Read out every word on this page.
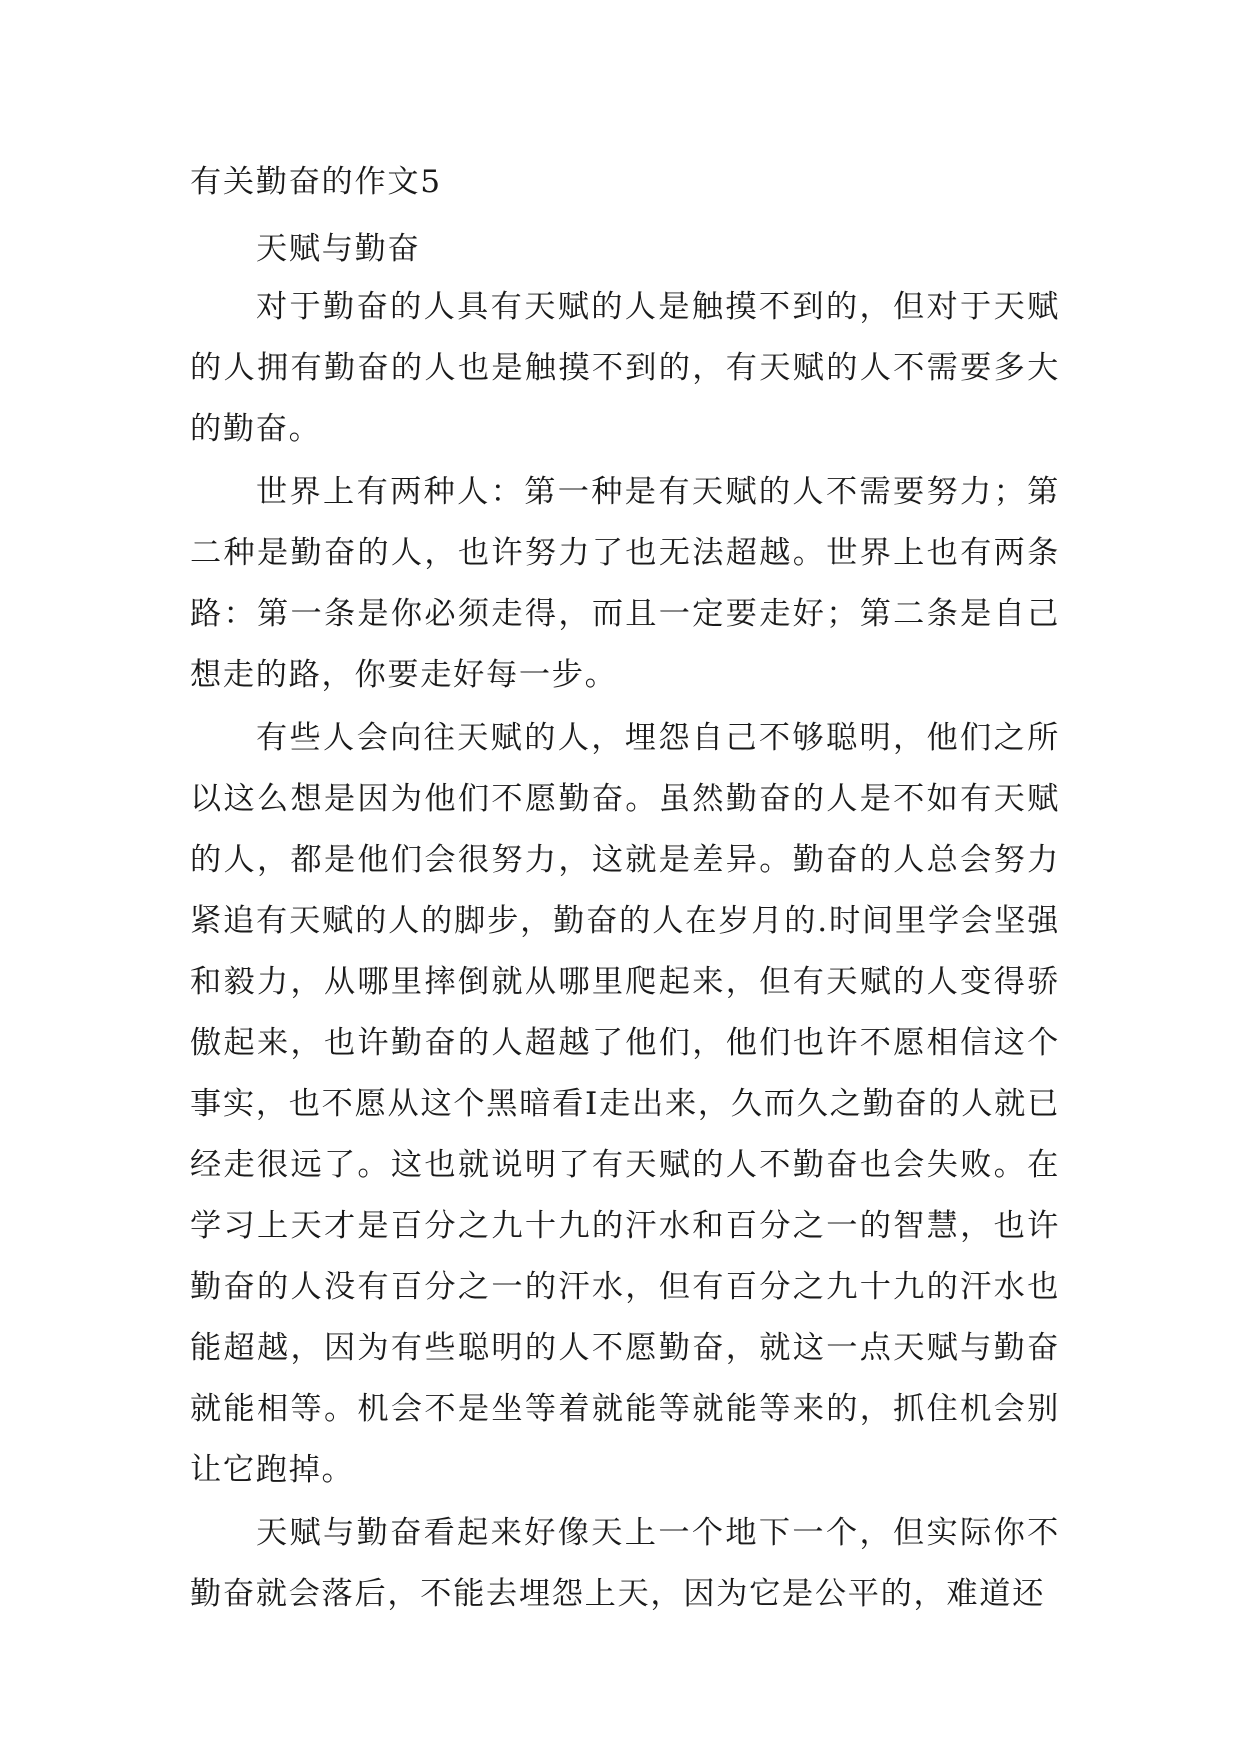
有关勤奋的作文5
天赋与勤奋

对于勤奋的人具有天赋的人是触摸不到的，但对于天赋的人拥有勤奋的人也是触摸不到的，有天赋的人不需要多大的勤奋。

世界上有两种人：第一种是有天赋的人不需要努力；第二种是勤奋的人，也许努力了也无法超越。世界上也有两条路：第一条是你必须走得，而且一定要走好；第二条是自己想走的路，你要走好每一步。

有些人会向往天赋的人，埋怨自己不够聪明，他们之所以这么想是因为他们不愿勤奋。虽然勤奋的人是不如有天赋的人，都是他们会很努力，这就是差异。勤奋的人总会努力紧追有天赋的人的脚步，勤奋的人在岁月的.时间里学会坚强和毅力，从哪里摔倒就从哪里爬起来，但有天赋的人变得骄傲起来，也许勤奋的人超越了他们，他们也许不愿相信这个事实，也不愿从这个黑暗看Ⅰ走出来，久而久之勤奋的人就已经走很远了。这也就说明了有天赋的人不勤奋也会失败。在学习上天才是百分之九十九的汗水和百分之一的智慧，也许勤奋的人没有百分之一的汗水，但有百分之九十九的汗水也能超越，因为有些聪明的人不愿勤奋，就这一点天赋与勤奋就能相等。机会不是坐等着就能等就能等来的，抓住机会别让它跑掉。

天赋与勤奋看起来好像天上一个地下一个，但实际你不勤奋就会落后，不能去埋怨上天，因为它是公平的，难道还
